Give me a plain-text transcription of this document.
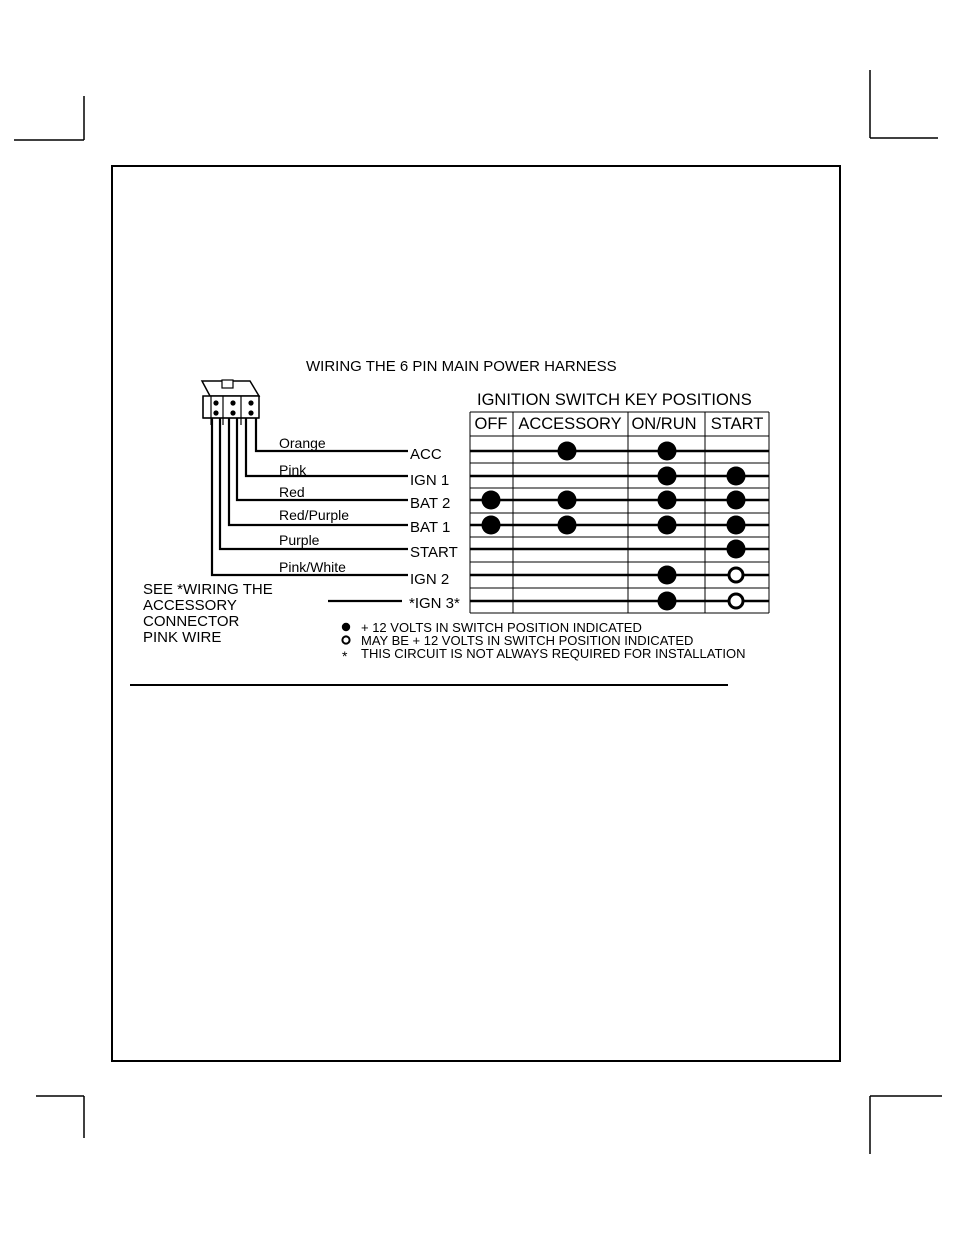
WIRING THE 6 PIN MAIN POWER HARNESS
IGNITION SWITCH KEY POSITIONS
OFF ACCESSORY ON/RUN START
Orange
Pink
Red
Red/Purple
Purple
Pink/White
ACC
IGN 1
BAT 2
BAT 1
START
IGN 2
*IGN 3*
SEE *WIRING THE
ACCESSORY
CONNECTOR
PINK WIRE
*
+ 12 VOLTS IN SWITCH POSITION INDICATED
MAY BE + 12 VOLTS IN SWITCH POSITION INDICATED
THIS CIRCUIT IS NOT ALWAYS REQUIRED FOR INSTALLATION
